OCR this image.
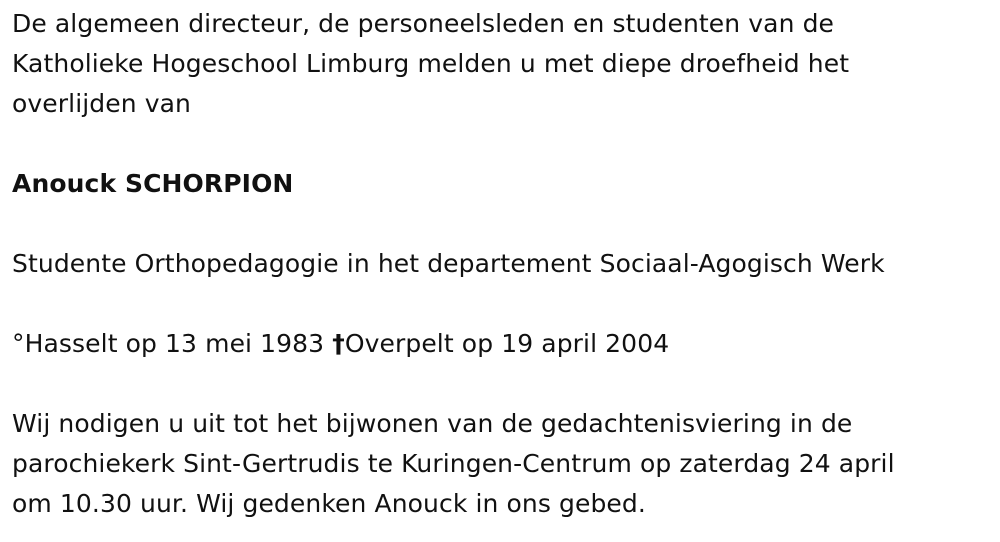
De algemeen directeur, de personeelsleden en studenten van de
Katholieke Hogeschool Limburg melden u met diepe droefheid het
overlijden van

Anouck SCHORPION

Studente Orthopedagogie in het departement Sociaal-Agogisch Werk

°Hasselt op 13 mei 1983 †Overpelt op 19 april 2004

Wij nodigen u uit tot het bijwonen van de gedachtenisviering in de
parochiekerk Sint-Gertrudis te Kuringen-Centrum op zaterdag 24 april
om 10.30 uur. Wij gedenken Anouck in ons gebed.
